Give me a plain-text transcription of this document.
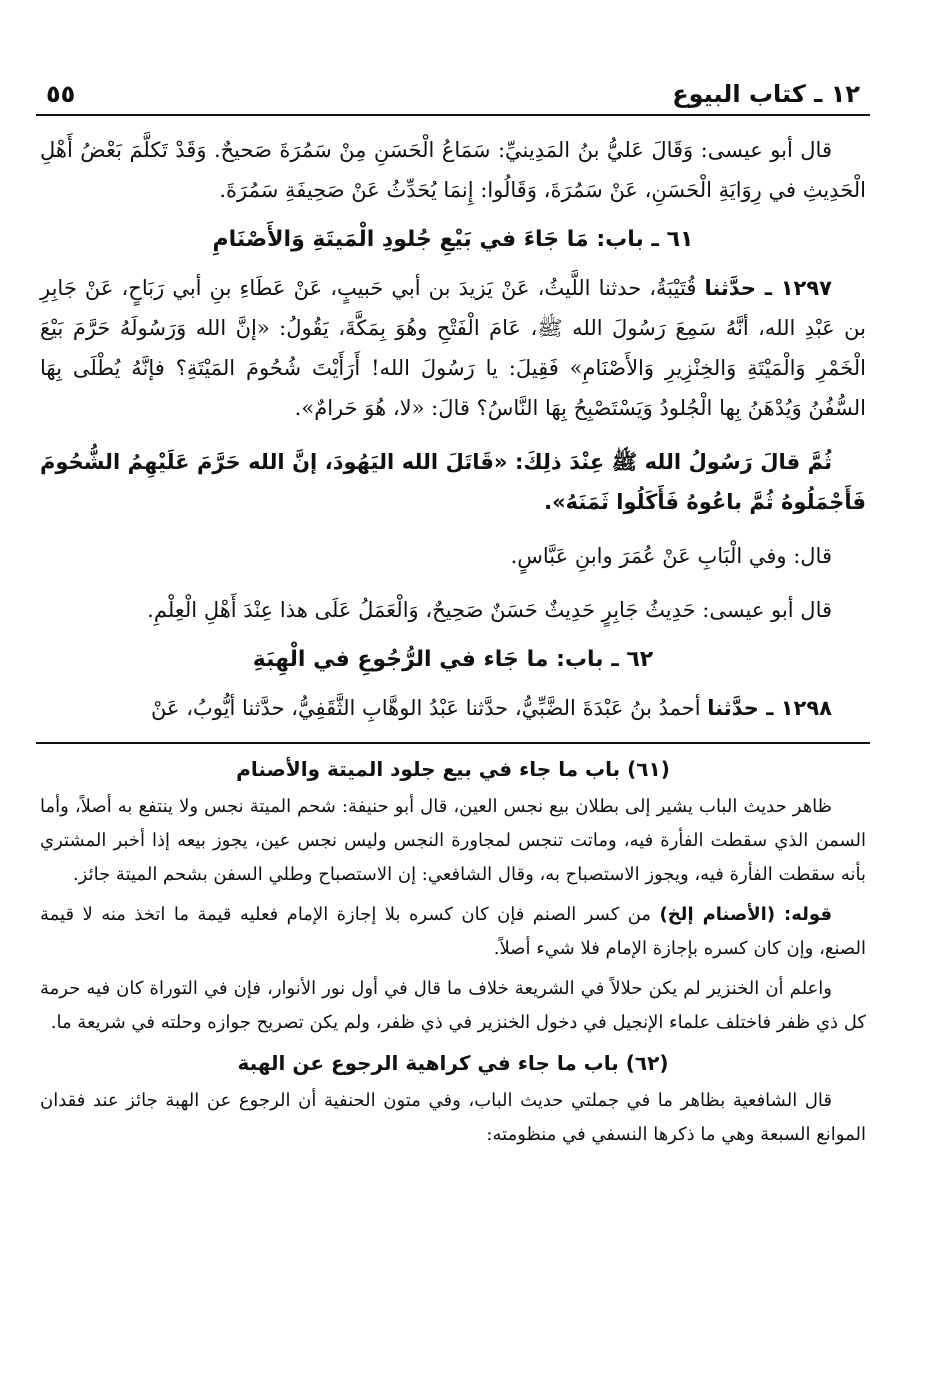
١٢ ـ كتاب البيوع
٥٥

قال أبو عيسى: وَقَالَ عَليُّ بنُ المَدِينيِّ: سَمَاعُ الْحَسَنِ مِنْ سَمُرَةَ صَحيحٌ. وَقَدْ تَكلَّمَ بَعْضُ أَهْلِ الْحَدِيثِ في رِوَايَةِ الْحَسَنِ، عَنْ سَمُرَةَ، وَقَالُوا: إِنمَا يُحَدِّثُ عَنْ صَحِيفَةِ سَمُرَةَ.

٦١ ـ باب: مَا جَاءَ في بَيْعِ جُلودِ الْمَيتَةِ وَالأَصْنَامِ

١٢٩٧ ـ حدَّثنا قُتَيْبَةُ، حدثنا اللَّيثُ، عَنْ يَزيدَ بن أبي حَبيبٍ، عَنْ عَطَاءِ بنِ أبي رَبَاحٍ، عَنْ جَابِرِ بن عَبْدِ الله، أنَّهُ سَمِعَ رَسُولَ الله ﷺ، عَامَ الْفَتْحِ وهُوَ بِمَكَّةَ، يَقُولُ: «إنَّ الله وَرَسُولَهُ حَرَّمَ بَيْعَ الْخَمْرِ وَالْمَيْتَةِ وَالخِنْزِيرِ وَالأَصْنَامِ» فَقِيلَ: يا رَسُولَ الله! أَرَأَيْتَ شُحُومَ المَيْتَةِ؟ فإنَّهُ يُطْلَى بِهَا السُّفُنُ وَيُدْهَنُ بِها الْجُلودُ وَيَسْتَصْبِحُ بِهَا النَّاسُ؟ قالَ: «لا، هُوَ حَرامٌ».

ثُمَّ قالَ رَسُولُ الله ﷺ عِنْدَ ذلِكَ: «قَاتَلَ الله اليَهُودَ، إنَّ الله حَرَّمَ عَلَيْهِمُ الشُّحُومَ فَأَجْمَلُوهُ ثُمَّ باعُوهُ فَأَكَلُوا ثَمَنَهُ».

قال: وفي الْبَابِ عَنْ عُمَرَ وابنِ عَبَّاسٍ.

قال أبو عيسى: حَدِيثُ جَابِرٍ حَدِيثٌ حَسَنٌ صَحِيحٌ، وَالْعَمَلُ عَلَى هذا عِنْدَ أَهْلِ الْعِلْمِ.

٦٢ ـ باب: ما جَاء في الرُّجُوعِ في الْهِبَةِ

١٢٩٨ ـ حدَّثنا أحمدُ بنُ عَبْدَةَ الضَّبِّيُّ، حدَّثنا عَبْدُ الوهَّابِ الثَّقَفِيُّ، حدَّثنا أيُّوبُ، عَنْ

(٦١) باب ما جاء في بيع جلود الميتة والأصنام

ظاهر حديث الباب يشير إلى بطلان بيع نجس العين، قال أبو حنيفة: شحم الميتة نجس ولا ينتفع به أصلاً، وأما السمن الذي سقطت الفأرة فيه، وماتت تنجس لمجاورة النجس وليس نجس عين، يجوز بيعه إذا أخبر المشتري بأنه سقطت الفأرة فيه، ويجوز الاستصباح به، وقال الشافعي: إن الاستصباح وطلي السفن بشحم الميتة جائز.

قوله: (الأصنام إلخ) من كسر الصنم فإن كان كسره بلا إجازة الإمام فعليه قيمة ما اتخذ منه لا قيمة الصنع، وإن كان كسره بإجازة الإمام فلا شيء أصلاً.

واعلم أن الخنزير لم يكن حلالاً في الشريعة خلاف ما قال في أول نور الأنوار، فإن في التوراة كان فيه حرمة كل ذي ظفر فاختلف علماء الإنجيل في دخول الخنزير في ذي ظفر، ولم يكن تصريح جوازه وحلته في شريعة ما.

(٦٢) باب ما جاء في كراهية الرجوع عن الهبة

قال الشافعية بظاهر ما في جملتي حديث الباب، وفي متون الحنفية أن الرجوع عن الهبة جائز عند فقدان الموانع السبعة وهي ما ذكرها النسفي في منظومته:
